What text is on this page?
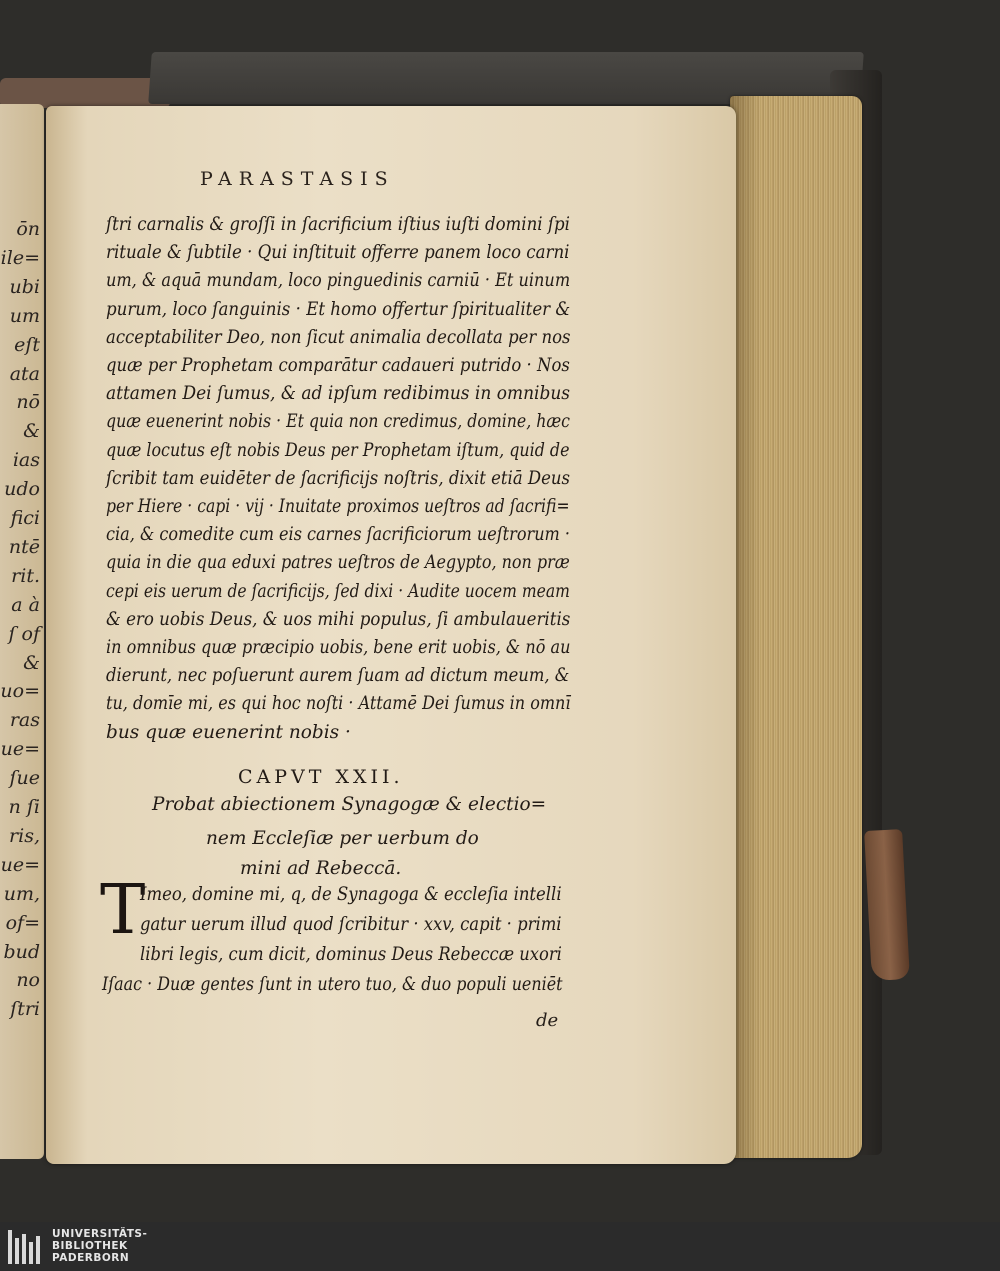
ōn
ile=
ubi
um
eſt
ata
nō
&
ias
udo
fici
ntē
rit.
a à
ſ of
&
uo=
ras
ue=
ſue
n ſi
ris,
ue=
um,
of=
bud
no
ſtri
PARASTASIS
ſtri carnalis & groſſi in ſacrificium iſtius iuſti domini ſpi
rituale & ſubtile · Qui inſtituit offerre panem loco carni
um, & aquā mundam, loco pinguedinis carniū · Et uinum
purum, loco ſanguinis · Et homo offertur ſpiritualiter &
acceptabiliter Deo, non ſicut animalia decollata per nos
quæ per Prophetam comparātur cadaueri putrido · Nos
attamen Dei ſumus, & ad ipſum redibimus in omnibus
quæ euenerint nobis · Et quia non credimus, domine, hæc
quæ locutus eſt nobis Deus per Prophetam iſtum, quid de
ſcribit tam euidēter de ſacrificijs noſtris, dixit etiā Deus
per Hiere · capi · vij · Inuitate proximos ueſtros ad ſacrifi=
cia, & comedite cum eis carnes ſacrificiorum ueſtrorum ·
quia in die qua eduxi patres ueſtros de Aegypto, non præ
cepi eis uerum de ſacrificijs, ſed dixi · Audite uocem meam
& ero uobis Deus, & uos mihi populus, ſi ambulaueritis
in omnibus quæ præcipio uobis, bene erit uobis, & nō au
dierunt, nec poſuerunt aurem ſuam ad dictum meum, &
tu, domīe mi, es qui hoc noſti · Attamē Dei ſumus in omnī
bus quæ euenerint nobis ·
CAPVT XXII.
Probat abiectionem Synagogæ & electio=
nem Eccleſiæ per uerbum do
mini ad Rebeccā.
T
Imeo, domine mi, q, de Synagoga & eccleſia intelli
gatur uerum illud quod ſcribitur · xxv, capit · primi
libri legis, cum dicit, dominus Deus Rebeccæ uxori
Iſaac · Duæ gentes ſunt in utero tuo, & duo populi ueniēt
de
UNIVERSITÄTS-
BIBLIOTHEK
PADERBORN
